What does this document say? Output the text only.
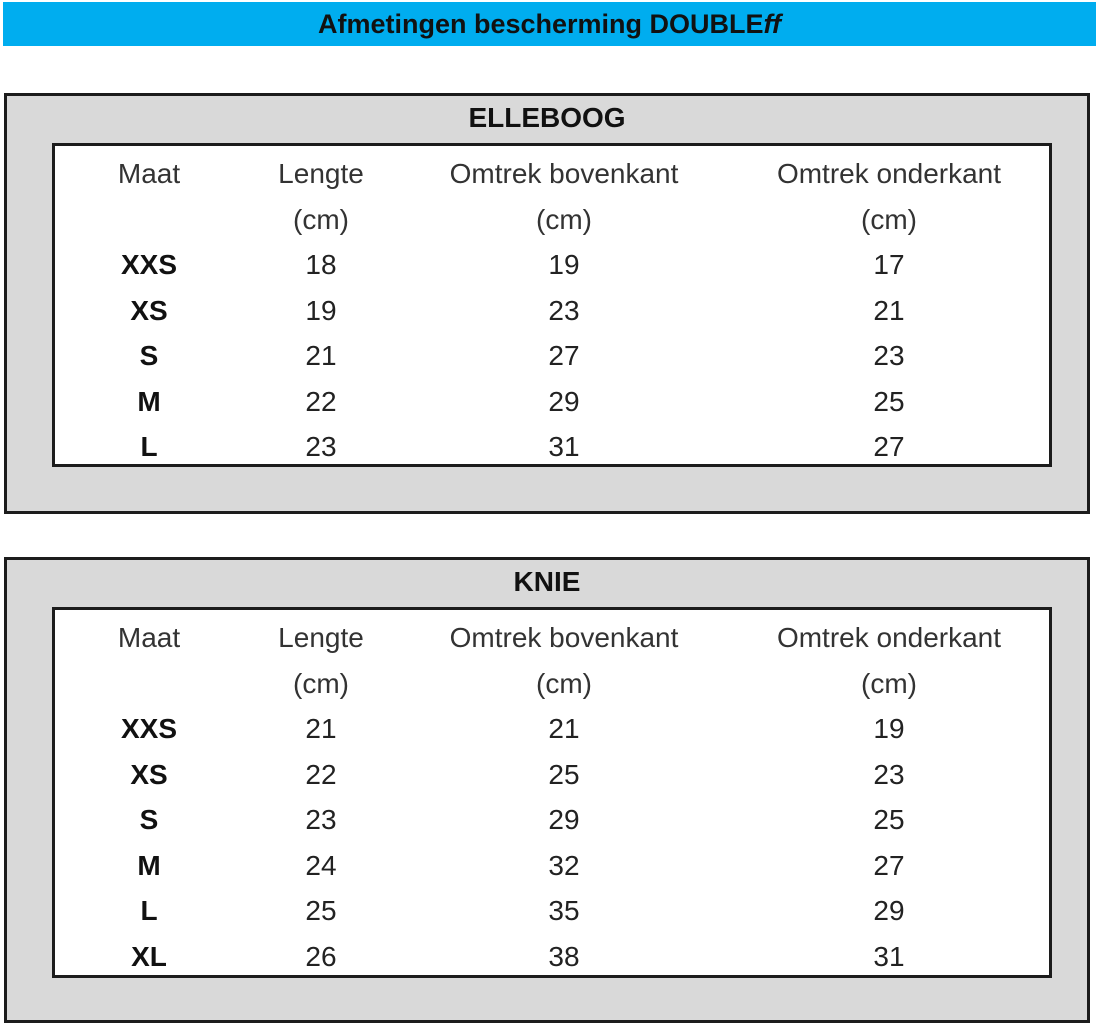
Afmetingen bescherming DOUBLE ff
ELLEBOOG
Maat	Lengte	Omtrek bovenkant	Omtrek onderkant
	(cm)	(cm)	(cm)
XXS	18	19	17
XS	19	23	21
S	21	27	23
M	22	29	25
L	23	31	27
KNIE
Maat	Lengte	Omtrek bovenkant	Omtrek onderkant
	(cm)	(cm)	(cm)
XXS	21	21	19
XS	22	25	23
S	23	29	25
M	24	32	27
L	25	35	29
XL	26	38	31
